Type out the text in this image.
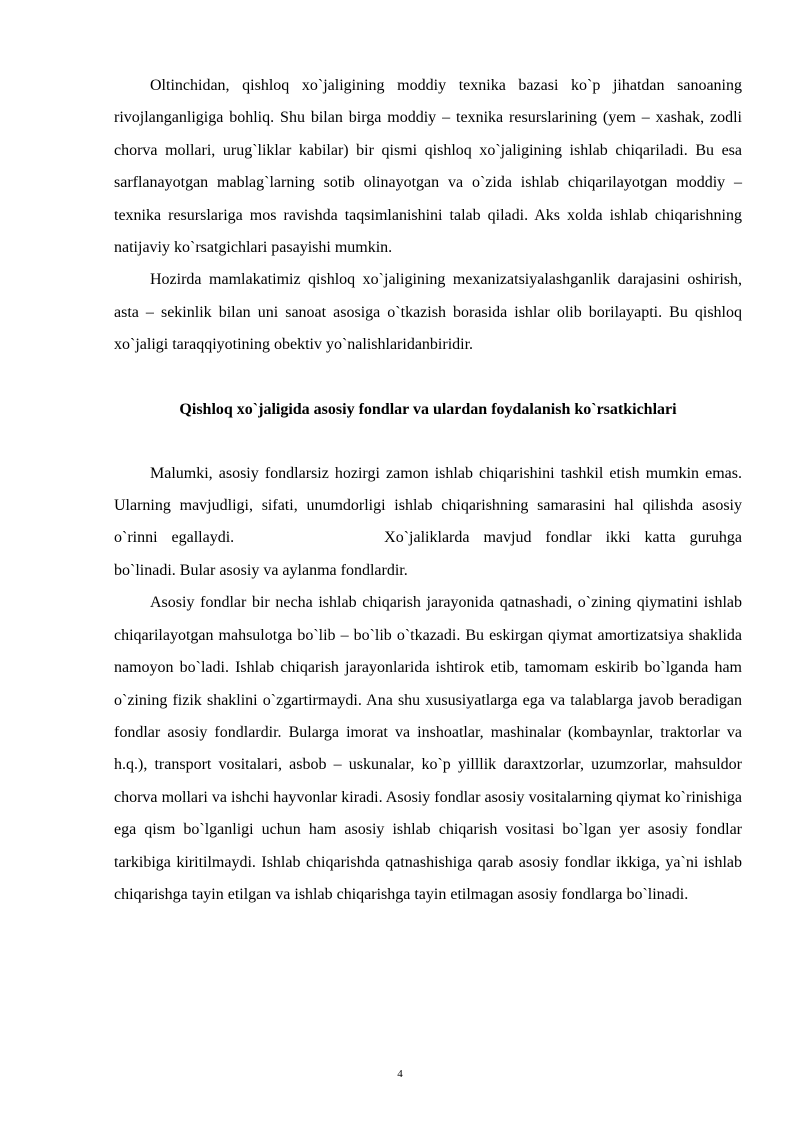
Oltinchidan, qishloq xo`jaligining moddiy texnika bazasi ko`p jihatdan sanoaning rivojlanganligiga bohliq. Shu bilan birga moddiy – texnika resurslarining (yem – xashak, zodli chorva mollari, urug`liklar kabilar) bir qismi qishloq xo`jaligining ishlab chiqariladi. Bu esa sarflanayotgan mablag`larning sotib olinayotgan va o`zida ishlab chiqarilayotgan moddiy – texnika resurslariga mos ravishda taqsimlanishini talab qiladi. Aks xolda ishlab chiqarishning natijaviy ko`rsatgichlari pasayishi mumkin.

Hozirda mamlakatimiz qishloq xo`jaligining mexanizatsiyalashganlik darajasini oshirish, asta – sekinlik bilan uni sanoat asosiga o`tkazish borasida ishlar olib borilayapti. Bu qishloq xo`jaligi taraqqiyotining obektiv yo`nalishlaridanbiridir.

Qishloq xo`jaligida asosiy fondlar va ulardan foydalanish ko`rsatkichlari

Malumki, asosiy fondlarsiz hozirgi zamon ishlab chiqarishini tashkil etish mumkin emas. Ularning mavjudligi, sifati, unumdorligi ishlab chiqarishning samarasini hal qilishda asosiy o`rinni egallaydi.	Xo`jaliklarda mavjud fondlar ikki katta guruhga bo`linadi. Bular asosiy va aylanma fondlardir.

Asosiy fondlar bir necha ishlab chiqarish jarayonida qatnashadi, o`zining qiymatini ishlab chiqarilayotgan mahsulotga bo`lib – bo`lib o`tkazadi. Bu eskirgan qiymat amortizatsiya shaklida namoyon bo`ladi. Ishlab chiqarish jarayonlarida ishtirok etib, tamomam eskirib bo`lganda ham o`zining fizik shaklini o`zgartirmaydi. Ana shu xususiyatlarga ega va talablarga javob beradigan fondlar asosiy fondlardir. Bularga imorat va inshoatlar, mashinalar (kombaynlar, traktorlar va h.q.), transport vositalari, asbob – uskunalar, ko`p yilllik daraxtzorlar, uzumzorlar, mahsuldor chorva mollari va ishchi hayvonlar kiradi. Asosiy fondlar asosiy vositalarning qiymat ko`rinishiga ega qism bo`lganligi uchun ham asosiy ishlab chiqarish vositasi bo`lgan yer asosiy fondlar tarkibiga kiritilmaydi. Ishlab chiqarishda qatnashishiga qarab asosiy fondlar ikkiga, ya`ni ishlab chiqarishga tayin etilgan va ishlab chiqarishga tayin etilmagan asosiy fondlarga bo`linadi.

4
